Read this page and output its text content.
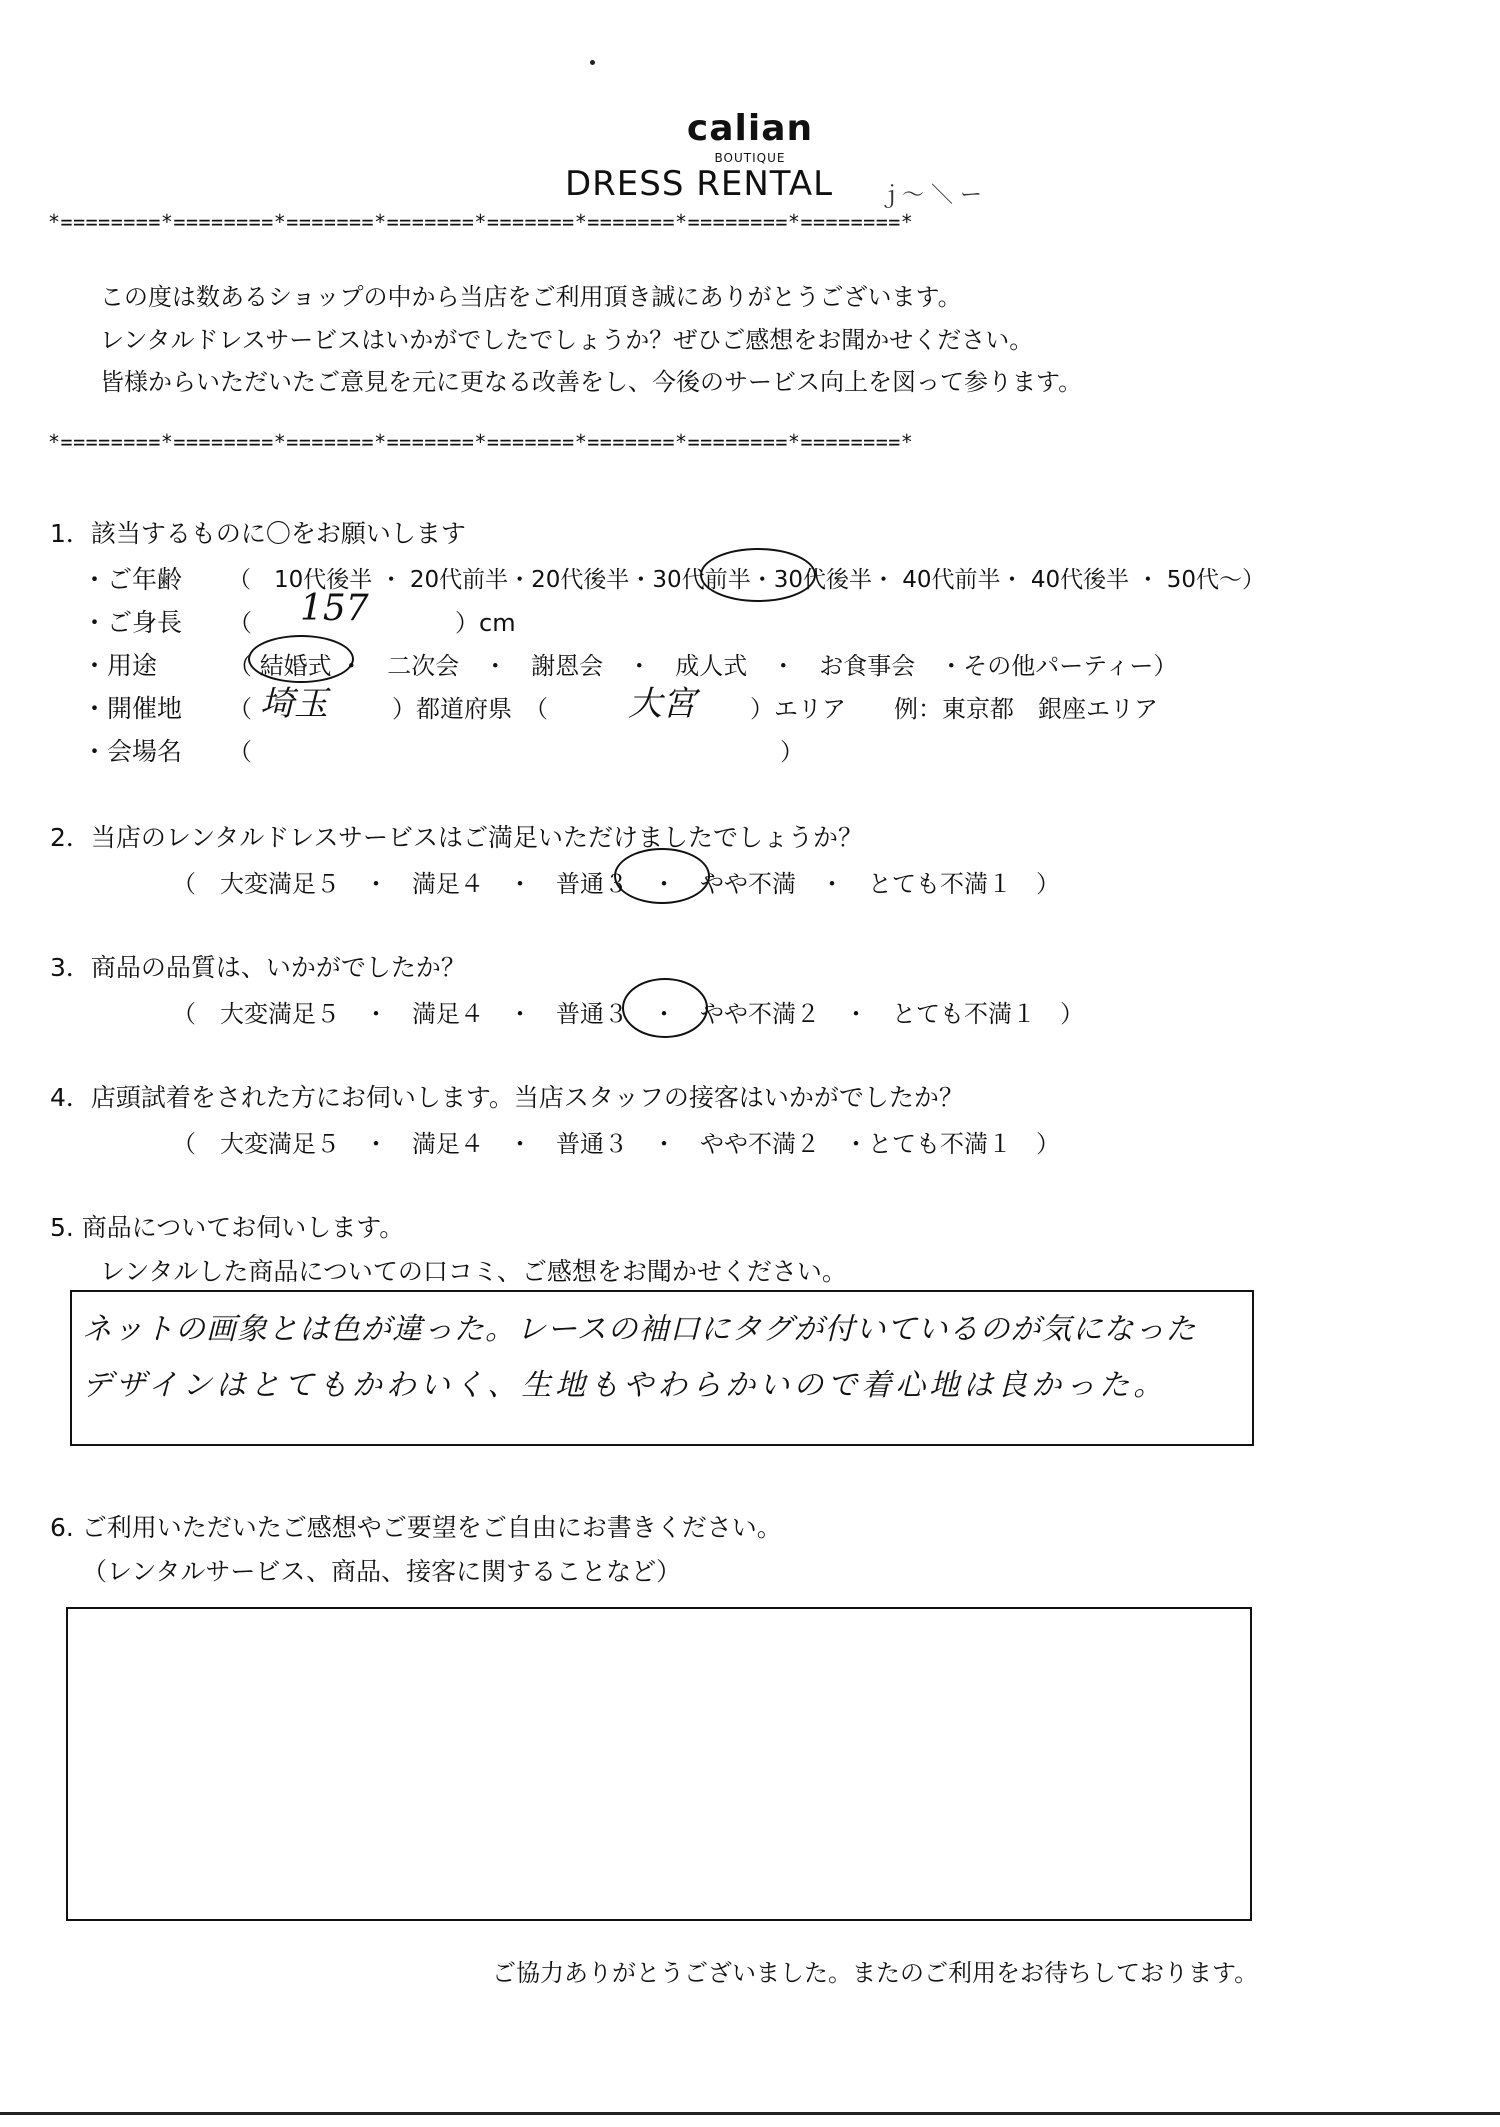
calian
BOUTIQUE
DRESS RENTAL ｊ～ ＼ ー
*========*========*=======*=======*=======*=======*========*========*
この度は数あるショップの中から当店をご利用頂き誠にありがとうございます。
レンタルドレスサービスはいかがでしたでしょうか？ぜひご感想をお聞かせください。
皆様からいただいたご意見を元に更なる改善をし、今後のサービス向上を図って参ります。
*========*========*=======*=======*=======*=======*========*========*
1．該当するものに〇をお願いします
・ご年齢 （　10代後半 ・ 20代前半・20代後半・30代前半・30代後半・ 40代前半・ 40代後半 ・ 50代～）
・ご身長 （ 157	）cm
・用途	（ 結婚式 ・　二次会　・　謝恩会　・　成人式　・　お食事会　・その他パーティー）
・開催地 （ 埼玉	）都道府県　（ 大宮 ）エリア　　例：東京都　銀座エリア
・会場名 （　　　　　　　　　　　　　　　　　　　　　　）
2．当店のレンタルドレスサービスはご満足いただけましたでしょうか？
（　大変満足５　・　満足４　・　普通３　・　やや不満　・　とても不満１　）
3．商品の品質は、いかがでしたか？
（　大変満足５　・　満足４　・　普通３　・　やや不満２　・　とても不満１　）
4．店頭試着をされた方にお伺いします。当店スタッフの接客はいかがでしたか？
（　大変満足５　・　満足４　・　普通３　・　やや不満２　・とても不満１　）
5. 商品についてお伺いします。
レンタルした商品についての口コミ、ご感想をお聞かせください。
ネットの画象とは色が違った。レースの袖口にタグが付いているのが気になった
デザインはとてもかわいく、生地もやわらかいので着心地は良かった。
6. ご利用いただいたご感想やご要望をご自由にお書きください。
（レンタルサービス、商品、接客に関することなど）
ご協力ありがとうございました。またのご利用をお待ちしております。
